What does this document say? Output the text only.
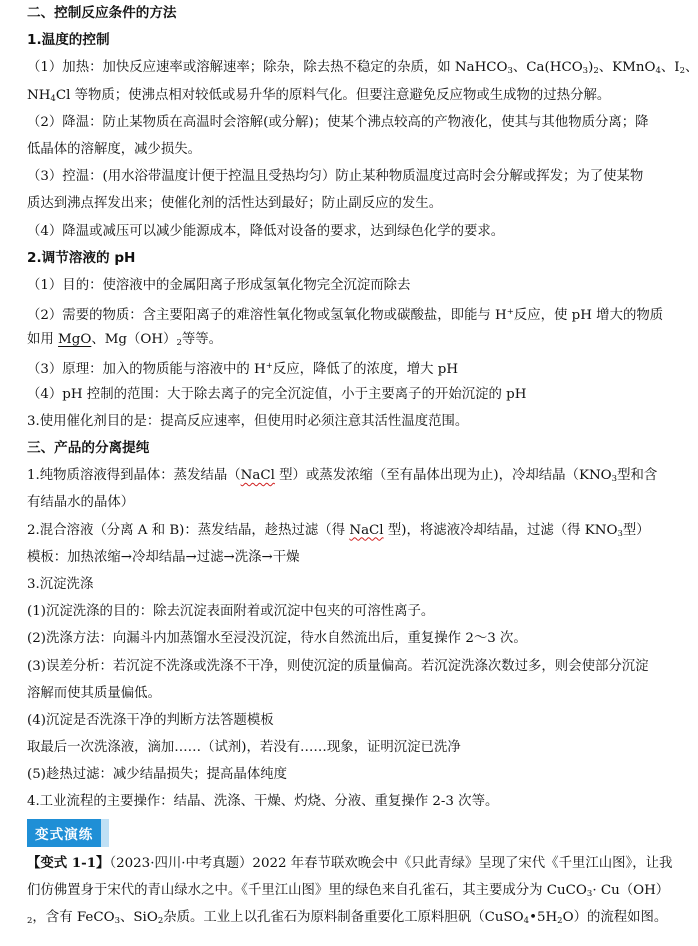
二、控制反应条件的方法
1.温度的控制
（1）加热：加快反应速率或溶解速率；除杂，除去热不稳定的杂质，如 NaHCO$_3$、$Ca(HCO_3)_2$、KMnO$_4$、$I_2$、
$NH_4Cl$ 等物质；使沸点相对较低或易升华的原料气化。但要注意避免反应物或生成物的过热分解。
（2）降温：防止某物质在高温时会溶解(或分解)；使某个沸点较高的产物液化，使其与其他物质分离；降
低晶体的溶解度，减少损失。
（3）控温：(用水浴带温度计便于控温且受热均匀）防止某种物质温度过高时会分解或挥发；为了使某物
质达到沸点挥发出来；使催化剂的活性达到最好；防止副反应的发生。
（4）降温或减压可以减少能源成本，降低对设备的要求，达到绿色化学的要求。
2.调节溶液的 pH
（1）目的：使溶液中的金属阳离子形成氢氧化物完全沉淀而除去
（2）需要的物质：含主要阳离子的难溶性氧化物或氢氧化物或碳酸盐，即能与 H+反应，使 pH 增大的物质
如用 MgO、$Mg(OH)_2$等等。
（3）原理：加入的物质能与溶液中的 H+反应，降低了的浓度，增大 pH
（4）pH 控制的范围：大于除去离子的完全沉淀值，小于主要离子的开始沉淀的 pH
3.使用催化剂目的是：提高反应速率，但使用时必须注意其活性温度范围。
三、产品的分离提纯
1.纯物质溶液得到晶体：蒸发结晶（NaCl 型）或蒸发浓缩（至有晶体出现为止)，冷却结晶（$KNO_3$型和含
有结晶水的晶体）
2.混合溶液（分离 A 和 B)：蒸发结晶，趁热过滤（得 NaCl 型)，将滤液冷却结晶，过滤（得 $KNO_3$型）
模板：加热浓缩→冷却结晶→过滤→洗涤→干燥
3.沉淀洗涤
(1)沉淀洗涤的目的：除去沉淀表面附着或沉淀中包夹的可溶性离子。
(2)洗涤方法：向漏斗内加蒸馏水至浸没沉淀，待水自然流出后，重复操作 2～3 次。
(3)误差分析：若沉淀不洗涤或洗涤不干净，则使沉淀的质量偏高。若沉淀洗涤次数过多，则会使部分沉淀
溶解而使其质量偏低。
(4)沉淀是否洗涤干净的判断方法答题模板
取最后一次洗涤液，滴加……（试剂)，若没有……现象，证明沉淀已洗净
(5)趁热过滤：减少结晶损失；提高晶体纯度
4.工业流程的主要操作：结晶、洗涤、干燥、灼烧、分液、重复操作 2-3 次等。
变式演练
【变式 1-1】（2023·四川·中考真题）2022 年春节联欢晚会中《只此青绿》呈现了宋代《千里江山图》，让我
们仿佛置身于宋代的青山绿水之中。《千里江山图》里的绿色来自孔雀石，其主要成分为 CuCO$_3$· Cu（OH）
$_2$，含有 FeCO$_3$、SiO$_2$杂质。工业上以孔雀石为原料制备重要化工原料胆矾$(CuSO_4•5H_2O)$的流程如图。
